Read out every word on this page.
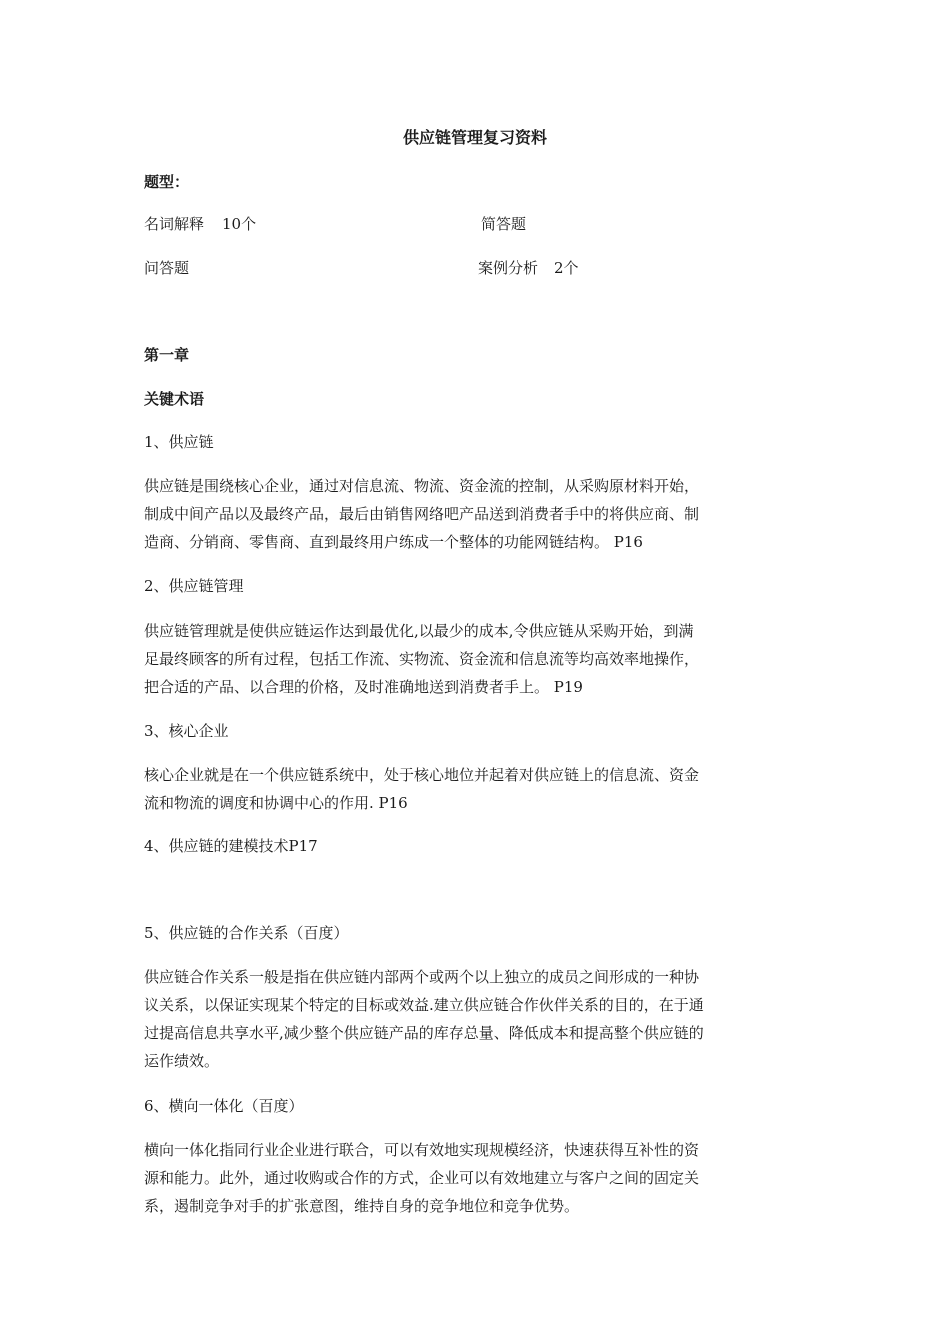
供应链管理复习资料
题型：
名词解释 10个	简答题
问答题	案例分析 2个
第一章
关键术语
1、供应链
供应链是围绕核心企业，通过对信息流、物流、资金流的控制，从采购原材料开始，
制成中间产品以及最终产品，最后由销售网络吧产品送到消费者手中的将供应商、制
造商、分销商、零售商、直到最终用户练成一个整体的功能网链结构。 P16
2、供应链管理
供应链管理就是使供应链运作达到最优化,以最少的成本,令供应链从采购开始，到满
足最终顾客的所有过程，包括工作流、实物流、资金流和信息流等均高效率地操作，
把合适的产品、以合理的价格，及时准确地送到消费者手上。 P19
3、核心企业
核心企业就是在一个供应链系统中，处于核心地位并起着对供应链上的信息流、资金
流和物流的调度和协调中心的作用. P16
4、供应链的建模技术P17
5、供应链的合作关系（百度）
供应链合作关系一般是指在供应链内部两个或两个以上独立的成员之间形成的一种协
议关系，以保证实现某个特定的目标或效益.建立供应链合作伙伴关系的目的，在于通
过提高信息共享水平,减少整个供应链产品的库存总量、降低成本和提高整个供应链的
运作绩效。
6、横向一体化（百度）
横向一体化指同行业企业进行联合，可以有效地实现规模经济，快速获得互补性的资
源和能力。此外，通过收购或合作的方式，企业可以有效地建立与客户之间的固定关
系，遏制竞争对手的扩张意图，维持自身的竞争地位和竞争优势。
